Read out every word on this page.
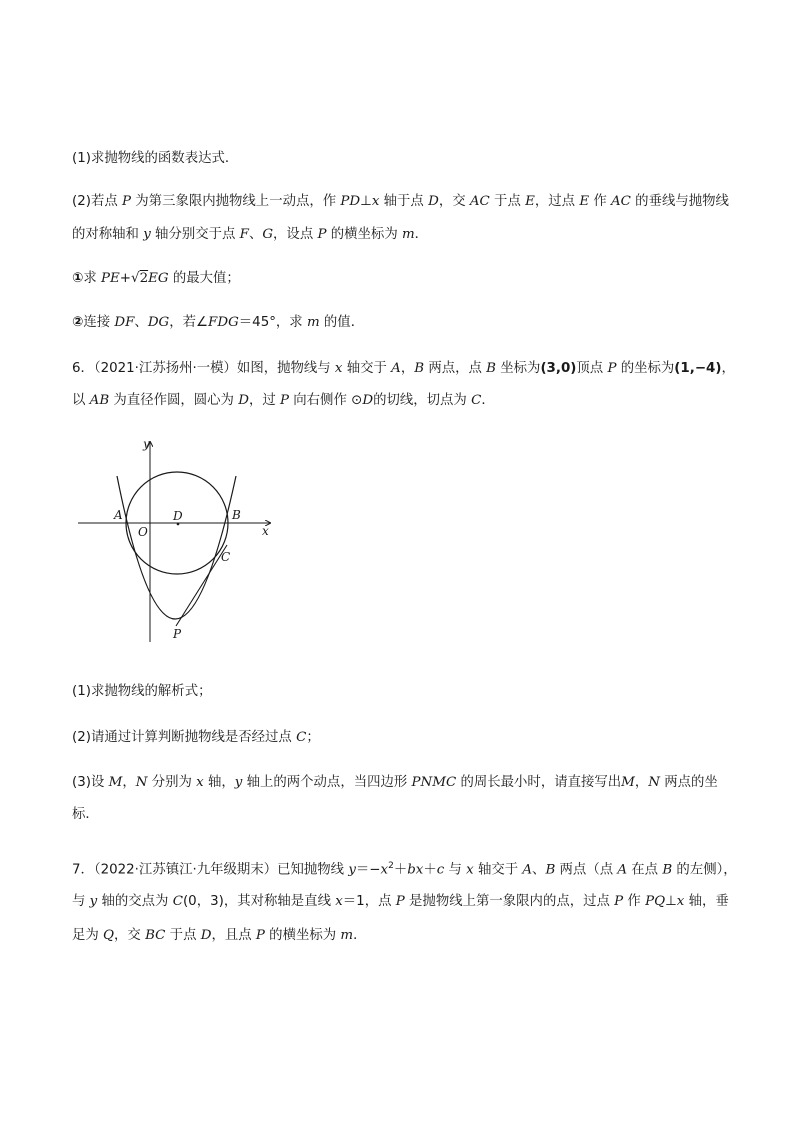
(1)求抛物线的函数表达式．
(2)若点 P 为第三象限内抛物线上一动点，作 PD⊥x 轴于点 D，交 AC 于点 E，过点 E 作 AC 的垂线与抛物线
的对称轴和 y 轴分别交于点 F、G，设点 P 的横坐标为 m．
①求 PE+√2EG 的最大值；
②连接 DF、DG，若∠FDG＝45°，求 m 的值．
6．（2021·江苏扬州·一模）如图，抛物线与 x 轴交于 A，B 两点，点 B 坐标为(3,0)顶点 P 的坐标为(1,−4)，
以 AB 为直径作圆，圆心为 D，过 P 向右侧作 ⊙D的切线，切点为 C．
y
x
A
O
D	B
C
P
(1)求抛物线的解析式；
(2)请通过计算判断抛物线是否经过点 C；
(3)设 M，N 分别为 x 轴，y 轴上的两个动点，当四边形 PNMC 的周长最小时，请直接写出M，N 两点的坐
标．
7．（2022·江苏镇江·九年级期末）已知抛物线 $y=-x^2+bx+c$ 与 x 轴交于 A、B 两点（点 A 在点 B 的左侧），
与 y 轴的交点为 C(0，3)，其对称轴是直线 x＝1，点 P 是抛物线上第一象限内的点，过点 P 作 PQ⊥x 轴，垂
足为 Q，交 BC 于点 D，且点 P 的横坐标为 m．
